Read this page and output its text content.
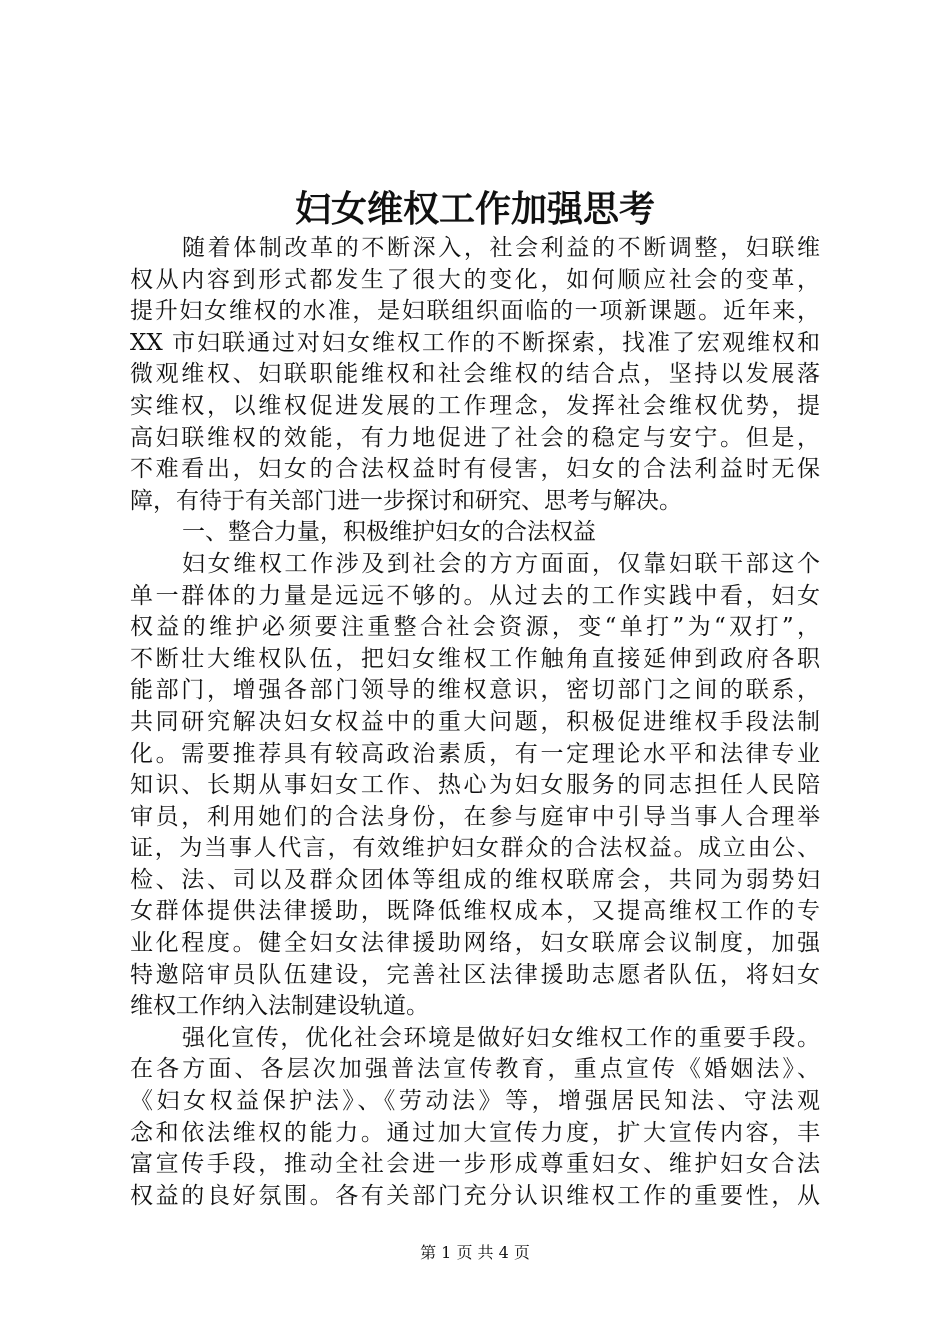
妇女维权工作加强思考
随着体制改革的不断深入，社会利益的不断调整，妇联维
权从内容到形式都发生了很大的变化，如何顺应社会的变革，
提升妇女维权的水准，是妇联组织面临的一项新课题。近年来，
XX 市妇联通过对妇女维权工作的不断探索，找准了宏观维权和
微观维权、妇联职能维权和社会维权的结合点，坚持以发展落
实维权，以维权促进发展的工作理念，发挥社会维权优势，提
高妇联维权的效能，有力地促进了社会的稳定与安宁。但是，
不难看出，妇女的合法权益时有侵害，妇女的合法利益时无保
障，有待于有关部门进一步探讨和研究、思考与解决。
一、整合力量，积极维护妇女的合法权益
妇女维权工作涉及到社会的方方面面，仅靠妇联干部这个
单一群体的力量是远远不够的。从过去的工作实践中看，妇女
权益的维护必须要注重整合社会资源，变“单打”为“双打”，
不断壮大维权队伍，把妇女维权工作触角直接延伸到政府各职
能部门，增强各部门领导的维权意识，密切部门之间的联系，
共同研究解决妇女权益中的重大问题，积极促进维权手段法制
化。需要推荐具有较高政治素质，有一定理论水平和法律专业
知识、长期从事妇女工作、热心为妇女服务的同志担任人民陪
审员，利用她们的合法身份，在参与庭审中引导当事人合理举
证，为当事人代言，有效维护妇女群众的合法权益。成立由公、
检、法、司以及群众团体等组成的维权联席会，共同为弱势妇
女群体提供法律援助，既降低维权成本，又提高维权工作的专
业化程度。健全妇女法律援助网络，妇女联席会议制度，加强
特邀陪审员队伍建设，完善社区法律援助志愿者队伍，将妇女
维权工作纳入法制建设轨道。
强化宣传，优化社会环境是做好妇女维权工作的重要手段。
在各方面、各层次加强普法宣传教育，重点宣传《婚姻法》、
《妇女权益保护法》、《劳动法》等，增强居民知法、守法观
念和依法维权的能力。通过加大宣传力度，扩大宣传内容，丰
富宣传手段，推动全社会进一步形成尊重妇女、维护妇女合法
权益的良好氛围。各有关部门充分认识维权工作的重要性，从
第 1 页 共 4 页
